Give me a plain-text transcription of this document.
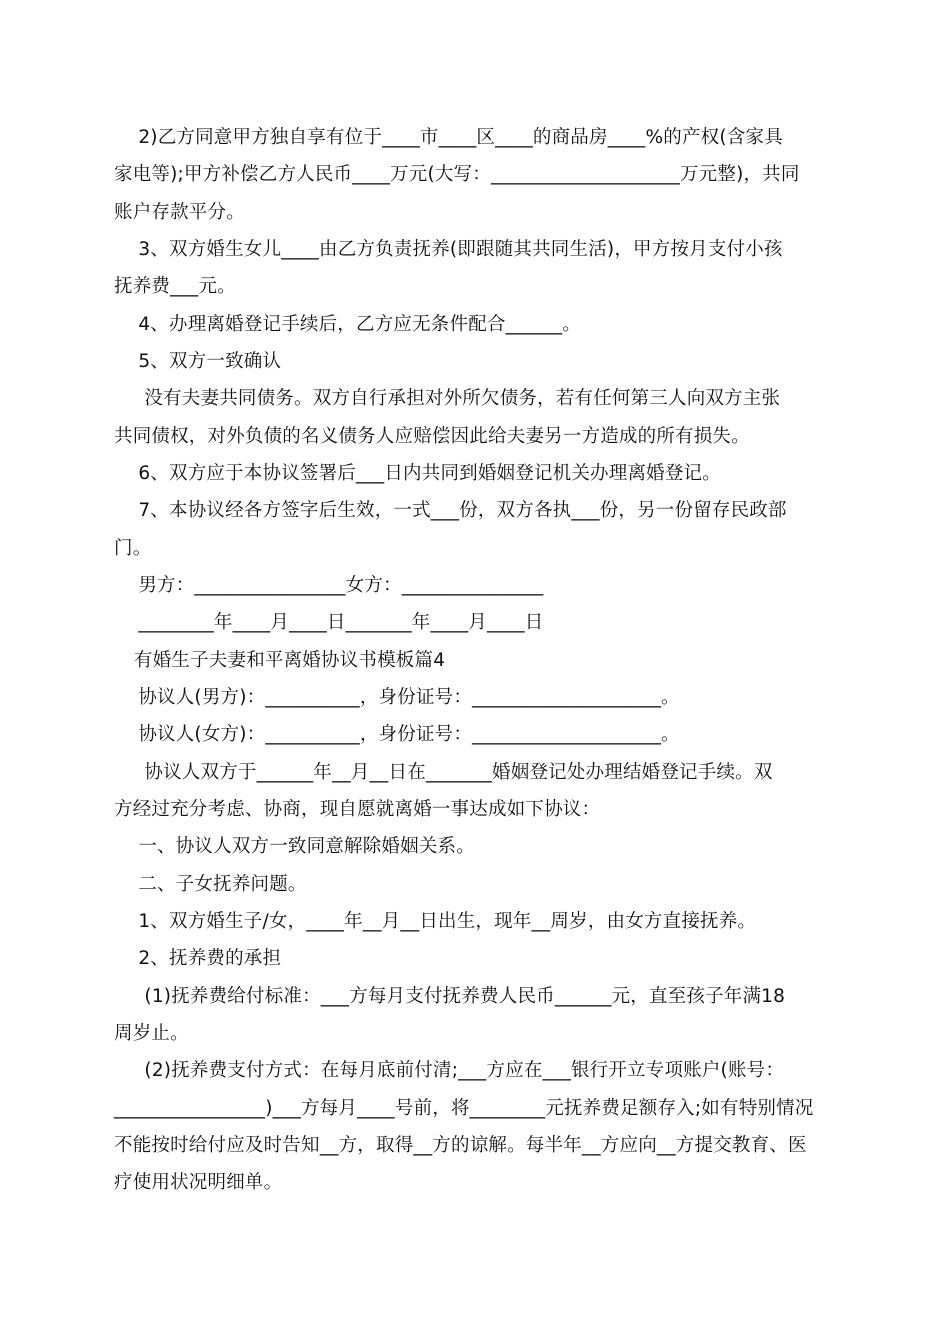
2)乙方同意甲方独自享有位于____市____区____的商品房____%的产权(含家具
家电等);甲方补偿乙方人民币____万元(大写：____________________万元整)，共同
账户存款平分。
3、双方婚生女儿____由乙方负责抚养(即跟随其共同生活)，甲方按月支付小孩
抚养费___元。
4、办理离婚登记手续后，乙方应无条件配合______。
5、双方一致确认
没有夫妻共同债务。双方自行承担对外所欠债务，若有任何第三人向双方主张
共同债权，对外负债的名义债务人应赔偿因此给夫妻另一方造成的所有损失。
6、双方应于本协议签署后___日内共同到婚姻登记机关办理离婚登记。
7、本协议经各方签字后生效，一式___份，双方各执___份，另一份留存民政部
门。
男方：________________女方：_______________
________年____月____日_______年____月____日
有婚生子夫妻和平离婚协议书模板篇4
协议人(男方)：__________，身份证号：____________________。
协议人(女方)：__________，身份证号：____________________。
协议人双方于______年__月__日在_______婚姻登记处办理结婚登记手续。双
方经过充分考虑、协商，现自愿就离婚一事达成如下协议：
一、协议人双方一致同意解除婚姻关系。
二、子女抚养问题。
1、双方婚生子/女，____年__月__日出生，现年__周岁，由女方直接抚养。
2、抚养费的承担
(1)抚养费给付标准：___方每月支付抚养费人民币______元，直至孩子年满18
周岁止。
(2)抚养费支付方式：在每月底前付清;___方应在___银行开立专项账户(账号：
________________)___方每月____号前，将________元抚养费足额存入;如有特别情况
不能按时给付应及时告知__方，取得__方的谅解。每半年__方应向__方提交教育、医
疗使用状况明细单。
